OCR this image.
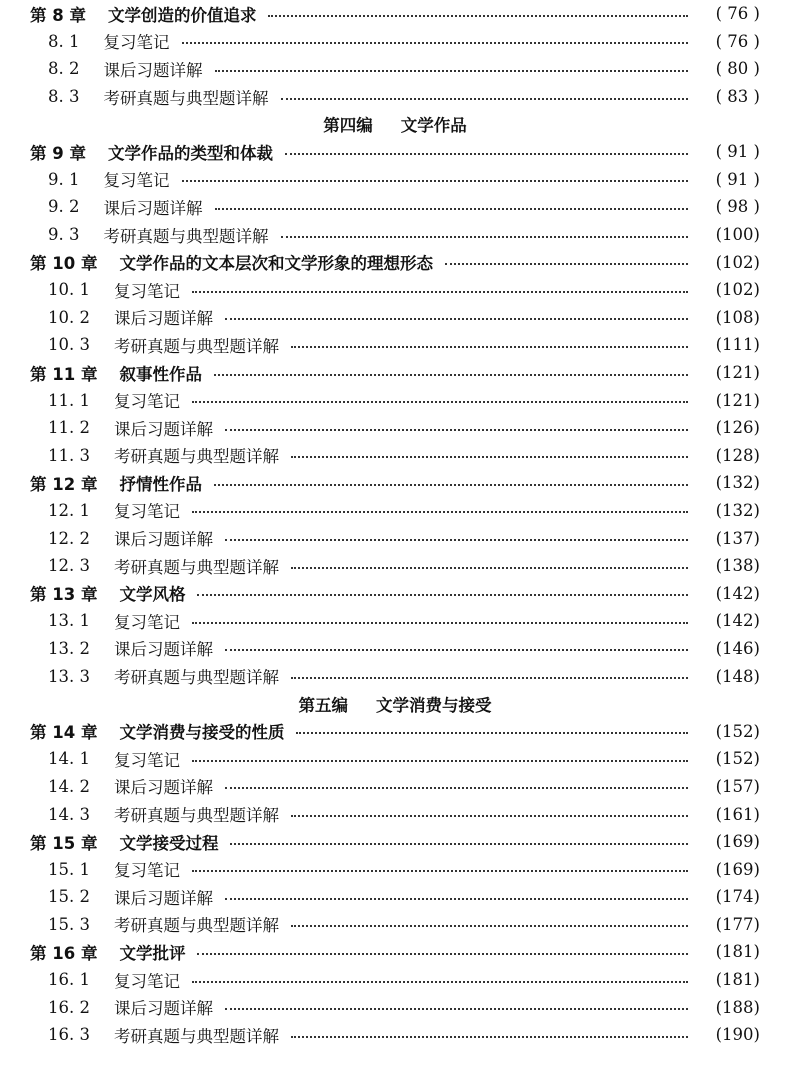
第 8 章 文学创造的价值追求	( 76 )
8. 1 复习笔记	( 76 )
8. 2 课后习题详解	( 80 )
8. 3 考研真题与典型题详解	( 83 )
第四编 文学作品
第 9 章 文学作品的类型和体裁	( 91 )
9. 1 复习笔记	( 91 )
9. 2 课后习题详解	( 98 )
9. 3 考研真题与典型题详解	(100)
第 10 章 文学作品的文本层次和文学形象的理想形态	(102)
10. 1 复习笔记	(102)
10. 2 课后习题详解	(108)
10. 3 考研真题与典型题详解	(111)
第 11 章 叙事性作品	(121)
11. 1 复习笔记	(121)
11. 2 课后习题详解	(126)
11. 3 考研真题与典型题详解	(128)
第 12 章 抒情性作品	(132)
12. 1 复习笔记	(132)
12. 2 课后习题详解	(137)
12. 3 考研真题与典型题详解	(138)
第 13 章 文学风格	(142)
13. 1 复习笔记	(142)
13. 2 课后习题详解	(146)
13. 3 考研真题与典型题详解	(148)
第五编 文学消费与接受
第 14 章 文学消费与接受的性质	(152)
14. 1 复习笔记	(152)
14. 2 课后习题详解	(157)
14. 3 考研真题与典型题详解	(161)
第 15 章 文学接受过程	(169)
15. 1 复习笔记	(169)
15. 2 课后习题详解	(174)
15. 3 考研真题与典型题详解	(177)
第 16 章 文学批评	(181)
16. 1 复习笔记	(181)
16. 2 课后习题详解	(188)
16. 3 考研真题与典型题详解	(190)
